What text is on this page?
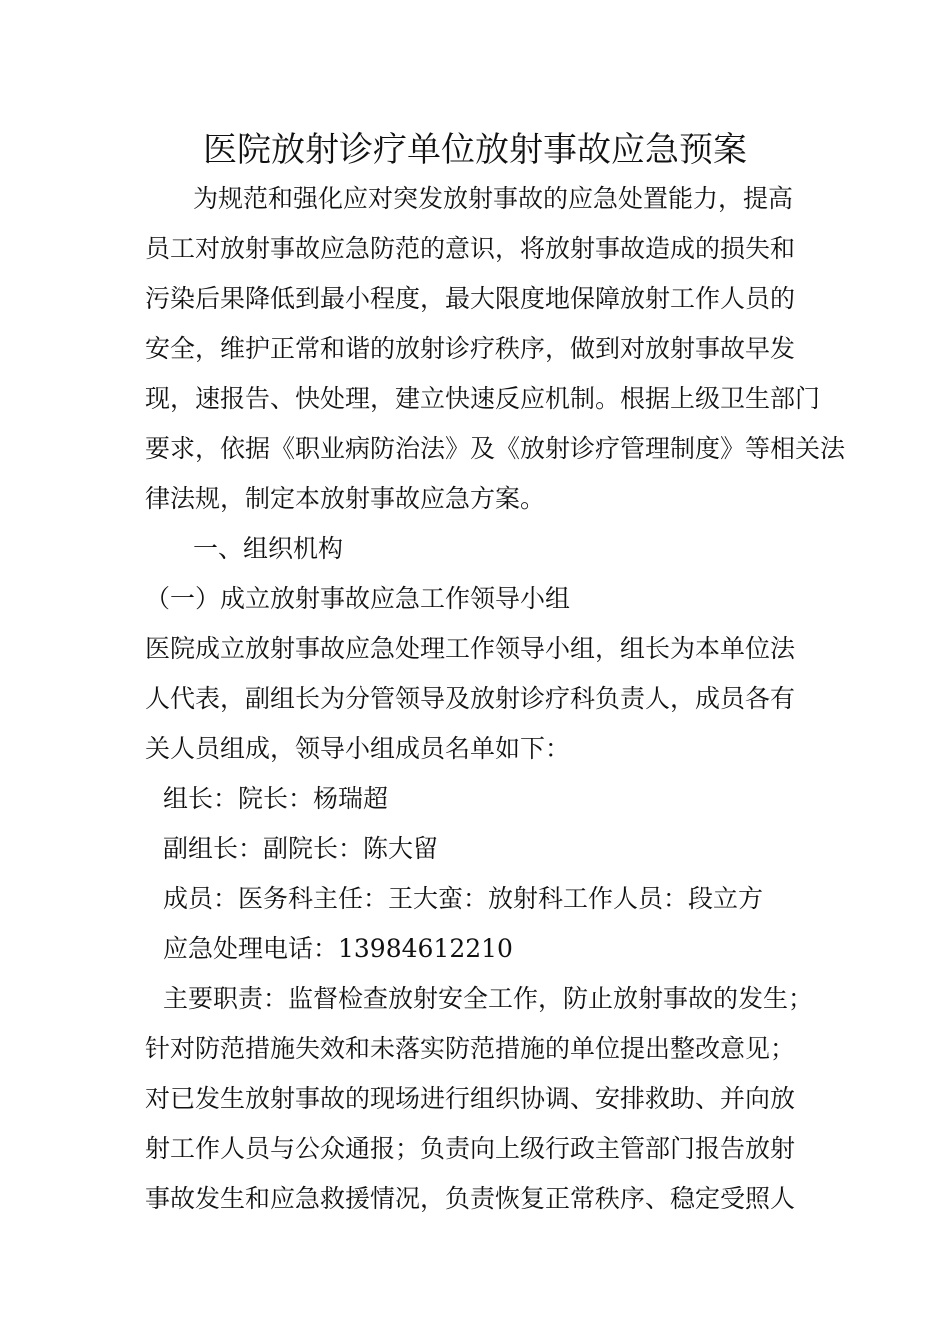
医院放射诊疗单位放射事故应急预案
为规范和强化应对突发放射事故的应急处置能力，提高
员工对放射事故应急防范的意识，将放射事故造成的损失和
污染后果降低到最小程度，最大限度地保障放射工作人员的
安全，维护正常和谐的放射诊疗秩序，做到对放射事故早发
现，速报告、快处理，建立快速反应机制。根据上级卫生部门
要求，依据《职业病防治法》及《放射诊疗管理制度》等相关法
律法规，制定本放射事故应急方案。
一、组织机构
（一）成立放射事故应急工作领导小组
医院成立放射事故应急处理工作领导小组，组长为本单位法
人代表，副组长为分管领导及放射诊疗科负责人，成员各有
关人员组成，领导小组成员名单如下：
组长：院长：杨瑞超
副组长：副院长：陈大留
成员：医务科主任：王大蛮：放射科工作人员：段立方
应急处理电话：13984612210
主要职责：监督检查放射安全工作，防止放射事故的发生；
针对防范措施失效和未落实防范措施的单位提出整改意见；
对已发生放射事故的现场进行组织协调、安排救助、并向放
射工作人员与公众通报；负责向上级行政主管部门报告放射
事故发生和应急救援情况，负责恢复正常秩序、稳定受照人
